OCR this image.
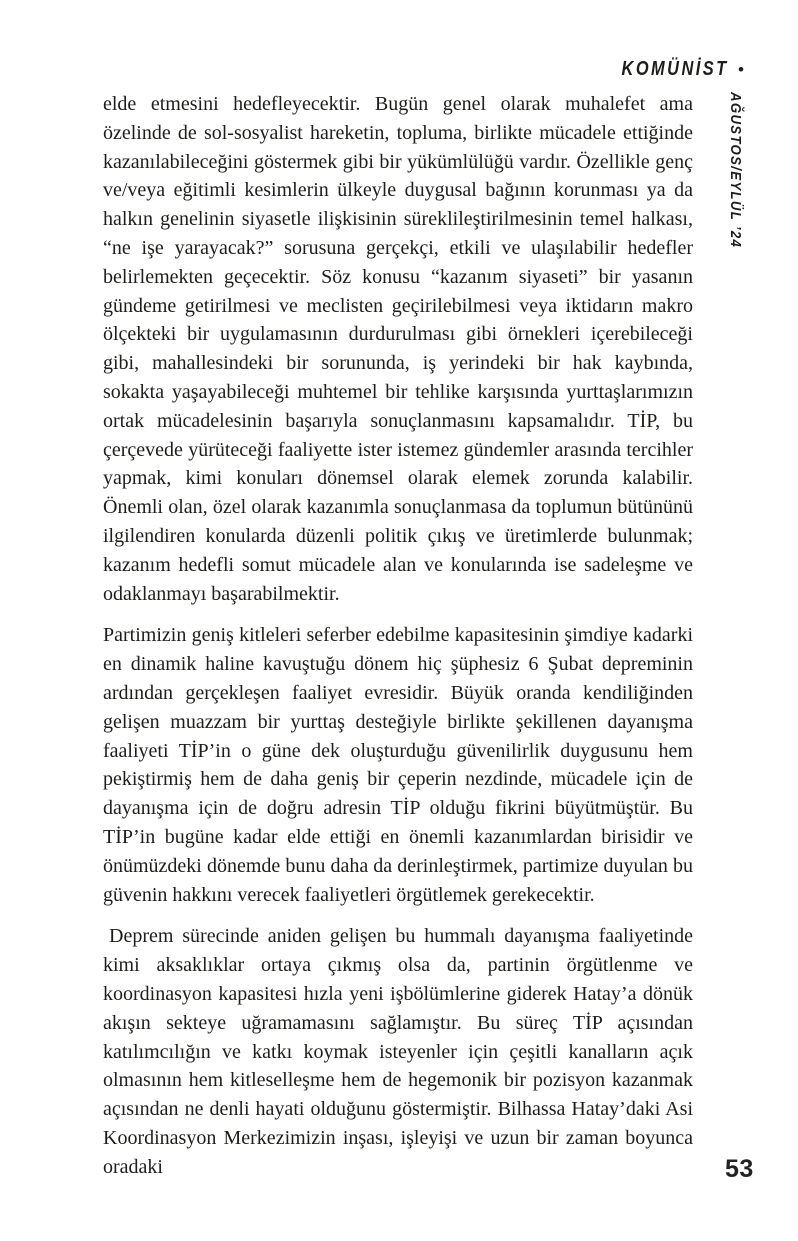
KOMÜNİST •
AĞUSTOS/EYLÜL ’24

elde etmesini hedefleyecektir. Bugün genel olarak muhalefet ama özelinde de sol-sosyalist hareketin, topluma, birlikte mücadele ettiğinde kazanılabileceğini göstermek gibi bir yükümlülüğü vardır. Özellikle genç ve/veya eğitimli kesimlerin ülkeyle duygusal bağının korunması ya da halkın genelinin siyasetle ilişkisinin süreklileştirilmesinin temel halkası, “ne işe yarayacak?” sorusuna gerçekçi, etkili ve ulaşılabilir hedefler belirlemekten geçecektir. Söz konusu “kazanım siyaseti” bir yasanın gündeme getirilmesi ve meclisten geçirilebilmesi veya iktidarın makro ölçekteki bir uygulamasının durdurulması gibi örnekleri içerebileceği gibi, mahallesindeki bir sorununda, iş yerindeki bir hak kaybında, sokakta yaşayabileceği muhtemel bir tehlike karşısında yurttaşlarımızın ortak mücadelesinin başarıyla sonuçlanmasını kapsamalıdır. TİP, bu çerçevede yürüteceği faaliyette ister istemez gündemler arasında tercihler yapmak, kimi konuları dönemsel olarak elemek zorunda kalabilir. Önemli olan, özel olarak kazanımla sonuçlanmasa da toplumun bütününü ilgilendiren konularda düzenli politik çıkış ve üretimlerde bulunmak; kazanım hedefli somut mücadele alan ve konularında ise sadeleşme ve odaklanmayı başarabilmektir.

Partimizin geniş kitleleri seferber edebilme kapasitesinin şimdiye kadarki en dinamik haline kavuştuğu dönem hiç şüphesiz 6 Şubat depreminin ardından gerçekleşen faaliyet evresidir. Büyük oranda kendiliğinden gelişen muazzam bir yurttaş desteğiyle birlikte şekillenen dayanışma faaliyeti TİP’in o güne dek oluşturduğu güvenilirlik duygusunu hem pekiştirmiş hem de daha geniş bir çeperin nezdinde, mücadele için de dayanışma için de doğru adresin TİP olduğu fikrini büyütmüştür. Bu TİP’in bugüne kadar elde ettiği en önemli kazanımlardan birisidir ve önümüzdeki dönemde bunu daha da derinleştirmek, partimize duyulan bu güvenin hakkını verecek faaliyetleri örgütlemek gerekecektir.

Deprem sürecinde aniden gelişen bu hummalı dayanışma faaliyetinde kimi aksaklıklar ortaya çıkmış olsa da, partinin örgütlenme ve koordinasyon kapasitesi hızla yeni işbölümlerine giderek Hatay’a dönük akışın sekteye uğramamasını sağlamıştır. Bu süreç TİP açısından katılımcılığın ve katkı koymak isteyenler için çeşitli kanalların açık olmasının hem kitleselleşme hem de hegemonik bir pozisyon kazanmak açısından ne denli hayati olduğunu göstermiştir. Bilhassa Hatay’daki Asi Koordinasyon Merkezimizin inşası, işleyişi ve uzun bir zaman boyunca oradaki	53
